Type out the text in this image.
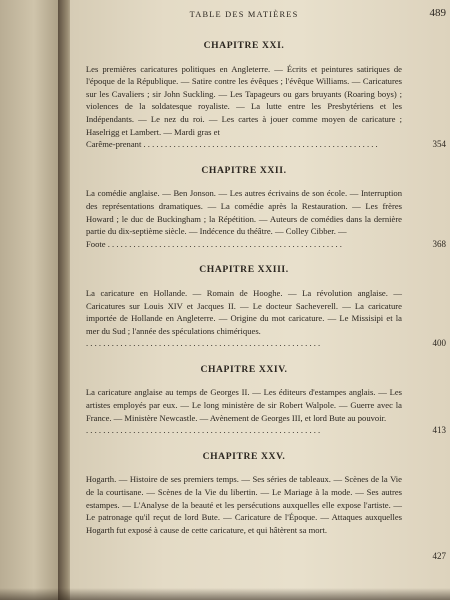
TABLE DES MATIÈRES	489
CHAPITRE XXI.
Les premières caricatures politiques en Angleterre. — Écrits et peintures satiriques de l'époque de la République. — Satire contre les évêques ; l'évêque Williams. — Caricatures sur les Cavaliers ; sir John Suckling. — Les Tapageurs ou gars bruyants (Roaring boys) ; violences de la soldatesque royaliste. — La lutte entre les Presbytériens et les Indépendants. — Le nez du roi. — Les cartes à jouer comme moyen de caricature ; Haselrigg et Lambert. — Mardi gras et
Carême-prenant . . .	354
CHAPITRE XXII.
La comédie anglaise. — Ben Jonson. — Les autres écrivains de son école. — Interruption des représentations dramatiques. — La comédie après la Restauration. — Les frères Howard ; le duc de Buckingham ; la Répétition. — Auteurs de comédies dans la dernière partie du dix-septième siècle. — Indécence du théâtre. — Colley Cibber. —
Foote . . .	368
CHAPITRE XXIII.
La caricature en Hollande. — Romain de Hooghe. — La révolution anglaise. — Caricatures sur Louis XIV et Jacques II. — Le docteur Sacheverell. — La caricature importée de Hollande en Angleterre. — Origine du mot caricature. — Le Missisipi et la mer du Sud ; l'année des spéculations chimériques.
. . .
400
CHAPITRE XXIV.
La caricature anglaise au temps de Georges II. — Les éditeurs d'estampes anglais. — Les artistes employés par eux. — Le long ministère de sir Robert Walpole. — Guerre avec la France. — Ministère Newcastle. — Avènement de Georges III, et lord Bute au pouvoir.
. . .
413
CHAPITRE XXV.
Hogarth. — Histoire de ses premiers temps. — Ses séries de tableaux. — Scènes de la Vie de la courtisane. — Scènes de la Vie du libertin. — Le Mariage à la mode. — Ses autres estampes. — L'Analyse de la beauté et les persécutions auxquelles elle expose l'artiste. — Le patronage qu'il reçut de lord Bute. — Caricature de l'Époque. — Attaques auxquelles Hogarth fut exposé à cause de cette caricature, et qui hâtèrent sa mort.
427
